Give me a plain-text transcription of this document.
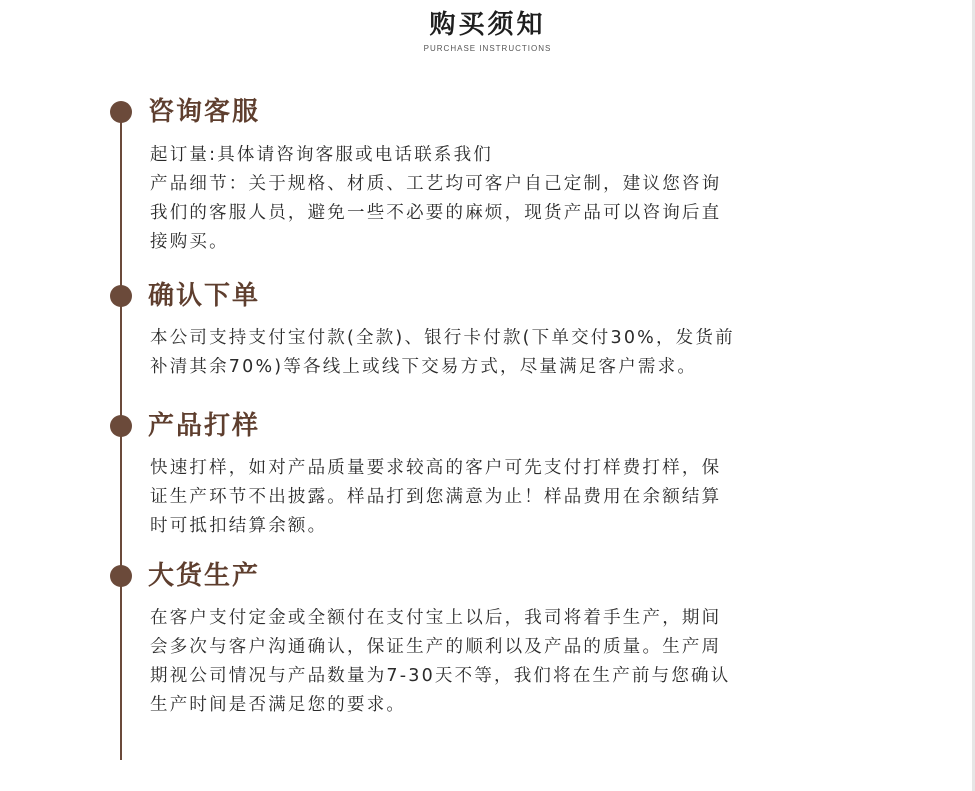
购买须知
PURCHASE INSTRUCTIONS
咨询客服
起订量:具体请咨询客服或电话联系我们
产品细节：关于规格、材质、工艺均可客户自己定制，建议您咨询
我们的客服人员，避免一些不必要的麻烦，现货产品可以咨询后直
接购买。
确认下单
本公司支持支付宝付款(全款)、银行卡付款(下单交付30%，发货前
补清其余70%)等各线上或线下交易方式，尽量满足客户需求。
产品打样
快速打样，如对产品质量要求较高的客户可先支付打样费打样，保
证生产环节不出披露。样品打到您满意为止！样品费用在余额结算
时可抵扣结算余额。
大货生产
在客户支付定金或全额付在支付宝上以后，我司将着手生产，期间
会多次与客户沟通确认，保证生产的顺利以及产品的质量。生产周
期视公司情况与产品数量为7-30天不等，我们将在生产前与您确认
生产时间是否满足您的要求。
